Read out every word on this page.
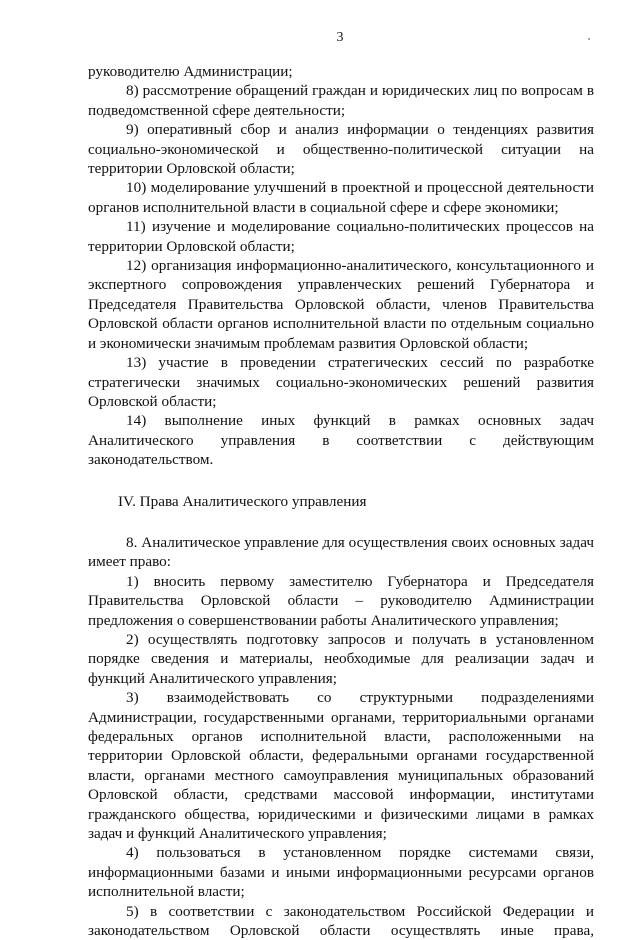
3

руководителю Администрации;

8) рассмотрение обращений граждан и юридических лиц по вопросам в подведомственной сфере деятельности;

9) оперативный сбор и анализ информации о тенденциях развития социально-экономической и общественно-политической ситуации на территории Орловской области;

10) моделирование улучшений в проектной и процессной деятельности органов исполнительной власти в социальной сфере и сфере экономики;

11) изучение и моделирование социально-политических процессов на территории Орловской области;

12) организация информационно-аналитического, консультационного и экспертного сопровождения управленческих решений Губернатора и Председателя Правительства Орловской области, членов Правительства Орловской области органов исполнительной власти по отдельным социально и экономически значимым проблемам развития Орловской области;

13) участие в проведении стратегических сессий по разработке стратегически значимых социально-экономических решений развития Орловской области;

14) выполнение иных функций в рамках основных задач Аналитического управления в соответствии с действующим законодательством.

IV. Права Аналитического управления

8. Аналитическое управление для осуществления своих основных задач имеет право:

1) вносить первому заместителю Губернатора и Председателя Правительства Орловской области – руководителю Администрации предложения о совершенствовании работы Аналитического управления;

2) осуществлять подготовку запросов и получать в установленном порядке сведения и материалы, необходимые для реализации задач и функций Аналитического управления;

3) взаимодействовать со структурными подразделениями Администрации, государственными органами, территориальными органами федеральных органов исполнительной власти, расположенными на территории Орловской области, федеральными органами государственной власти, органами местного самоуправления муниципальных образований Орловской области, средствами массовой информации, институтами гражданского общества, юридическими и физическими лицами в рамках задач и функций Аналитического управления;

4) пользоваться в установленном порядке системами связи, информационными базами и иными информационными ресурсами органов исполнительной власти;

5) в соответствии с законодательством Российской Федерации и законодательством Орловской области осуществлять иные права,
